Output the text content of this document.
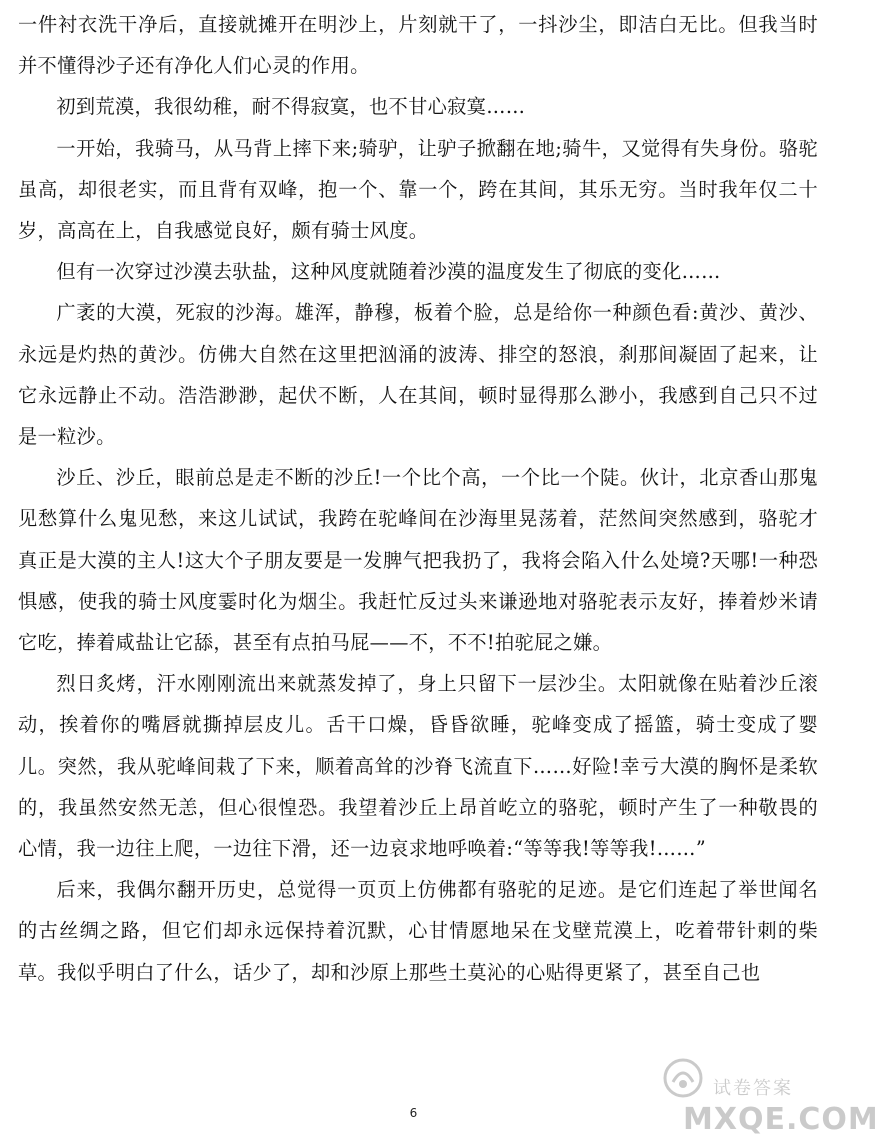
一件衬衣洗干净后，直接就摊开在明沙上，片刻就干了，一抖沙尘，即洁白无比。但我当时并不懂得沙子还有净化人们心灵的作用。

初到荒漠，我很幼稚，耐不得寂寞，也不甘心寂寞……

一开始，我骑马，从马背上摔下来;骑驴，让驴子掀翻在地;骑牛，又觉得有失身份。骆驼虽高，却很老实，而且背有双峰，抱一个、靠一个，跨在其间，其乐无穷。当时我年仅二十岁，高高在上，自我感觉良好，颇有骑士风度。

但有一次穿过沙漠去驮盐，这种风度就随着沙漠的温度发生了彻底的变化……

广袤的大漠，死寂的沙海。雄浑，静穆，板着个脸，总是给你一种颜色看:黄沙、黄沙、永远是灼热的黄沙。仿佛大自然在这里把汹涌的波涛、排空的怒浪，刹那间凝固了起来，让它永远静止不动。浩浩渺渺，起伏不断，人在其间，顿时显得那么渺小，我感到自己只不过是一粒沙。

沙丘、沙丘，眼前总是走不断的沙丘!一个比个高，一个比一个陡。伙计，北京香山那鬼见愁算什么鬼见愁，来这儿试试，我跨在驼峰间在沙海里晃荡着，茫然间突然感到，骆驼才真正是大漠的主人!这大个子朋友要是一发脾气把我扔了，我将会陷入什么处境?天哪!一种恐惧感，使我的骑士风度霎时化为烟尘。我赶忙反过头来谦逊地对骆驼表示友好，捧着炒米请它吃，捧着咸盐让它舔，甚至有点拍马屁——不，不不!拍驼屁之嫌。

烈日炙烤，汗水刚刚流出来就蒸发掉了，身上只留下一层沙尘。太阳就像在贴着沙丘滚动，挨着你的嘴唇就撕掉层皮儿。舌干口燥，昏昏欲睡，驼峰变成了摇篮，骑士变成了婴儿。突然，我从驼峰间栽了下来，顺着高耸的沙脊飞流直下……好险!幸亏大漠的胸怀是柔软的，我虽然安然无恙，但心很惶恐。我望着沙丘上昂首屹立的骆驼，顿时产生了一种敬畏的心情，我一边往上爬，一边往下滑，还一边哀求地呼唤着:“等等我!等等我!……”

后来，我偶尔翻开历史，总觉得一页页上仿佛都有骆驼的足迹。是它们连起了举世闻名的古丝绸之路，但它们却永远保持着沉默，心甘情愿地呆在戈壁荒漠上，吃着带针刺的柴草。我似乎明白了什么，话少了，却和沙原上那些土莫沁的心贴得更紧了，甚至自己也

6
试卷答案
MXQE.COM
